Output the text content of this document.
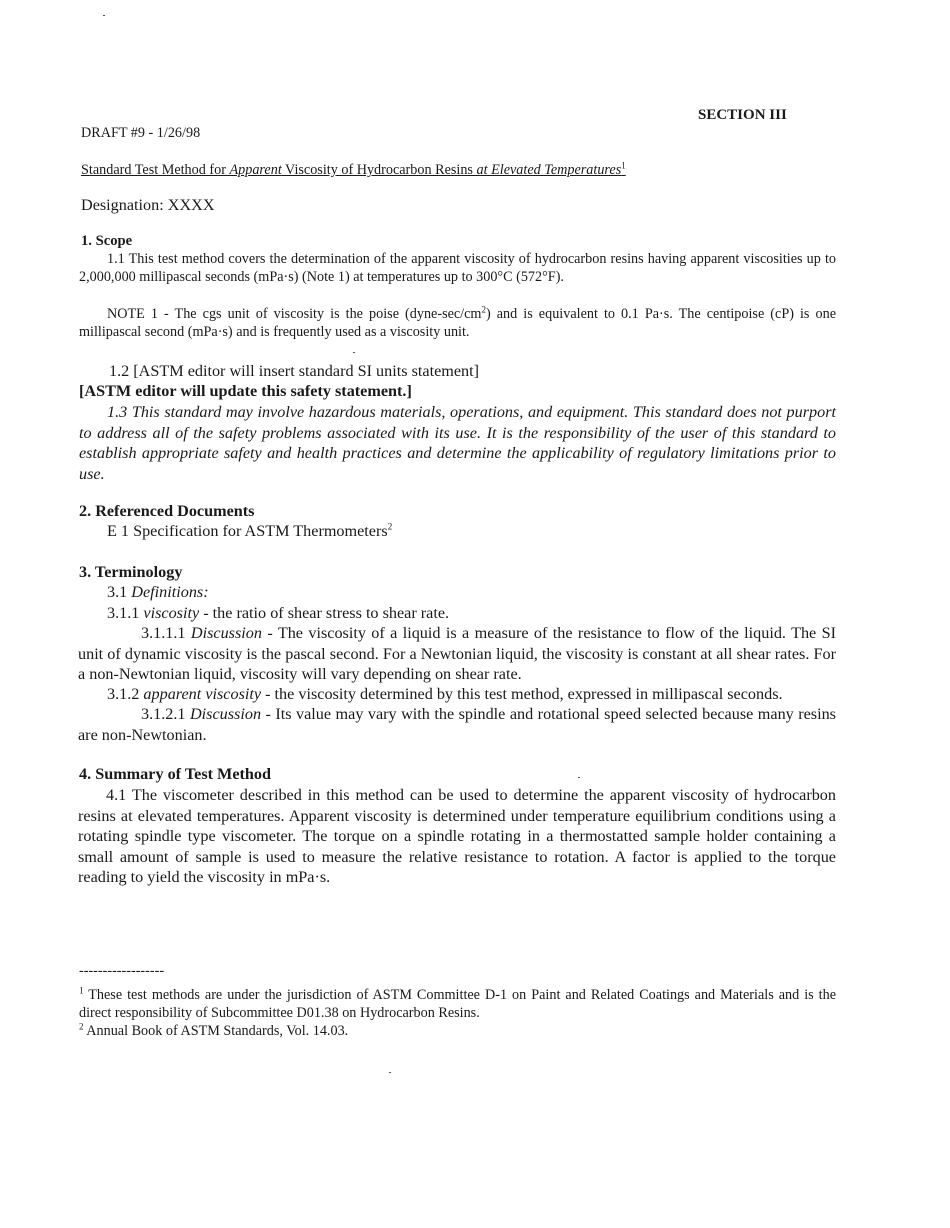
SECTION III
DRAFT #9 - 1/26/98
Standard Test Method for Apparent Viscosity of Hydrocarbon Resins at Elevated Temperatures$^1$
Designation: XXXX
1. Scope
1.1 This test method covers the determination of the apparent viscosity of hydrocarbon resins having apparent viscosities up to 2,000,000 millipascal seconds (mPa·s) (Note 1) at temperatures up to 300°C (572°F).
NOTE 1 - The cgs unit of viscosity is the poise $(dyne-\sec/cm^2)$ and is equivalent to 0.1 Pa·s. The centipoise (cP) is one millipascal second (mPa·s) and is frequently used as a viscosity unit.
1.2 [ASTM editor will insert standard SI units statement]
[ASTM editor will update this safety statement.]
1.3 This standard may involve hazardous materials, operations, and equipment. This standard does not purport to address all of the safety problems associated with its use. It is the responsibility of the user of this standard to establish appropriate safety and health practices and determine the applicability of regulatory limitations prior to use.
2. Referenced Documents
E 1 Specification for ASTM Thermometers$^2$
3. Terminology
3.1 Definitions:
3.1.1 viscosity - the ratio of shear stress to shear rate.
3.1.1.1 Discussion - The viscosity of a liquid is a measure of the resistance to flow of the liquid. The SI unit of dynamic viscosity is the pascal second. For a Newtonian liquid, the viscosity is constant at all shear rates. For a non-Newtonian liquid, viscosity will vary depending on shear rate.
3.1.2 apparent viscosity - the viscosity determined by this test method, expressed in millipascal seconds.
3.1.2.1 Discussion - Its value may vary with the spindle and rotational speed selected because many resins are non-Newtonian.
4. Summary of Test Method
4.1 The viscometer described in this method can be used to determine the apparent viscosity of hydrocarbon resins at elevated temperatures. Apparent viscosity is determined under temperature equilibrium conditions using a rotating spindle type viscometer. The torque on a spindle rotating in a thermostatted sample holder containing a small amount of sample is used to measure the relative resistance to rotation. A factor is applied to the torque reading to yield the viscosity in mPa·s.
------------------
$^1$ These test methods are under the jurisdiction of ASTM Committee D-1 on Paint and Related Coatings and Materials and is the direct responsibility of Subcommittee D01.38 on Hydrocarbon Resins.
$^2$ Annual Book of ASTM Standards, Vol. 14.03.
